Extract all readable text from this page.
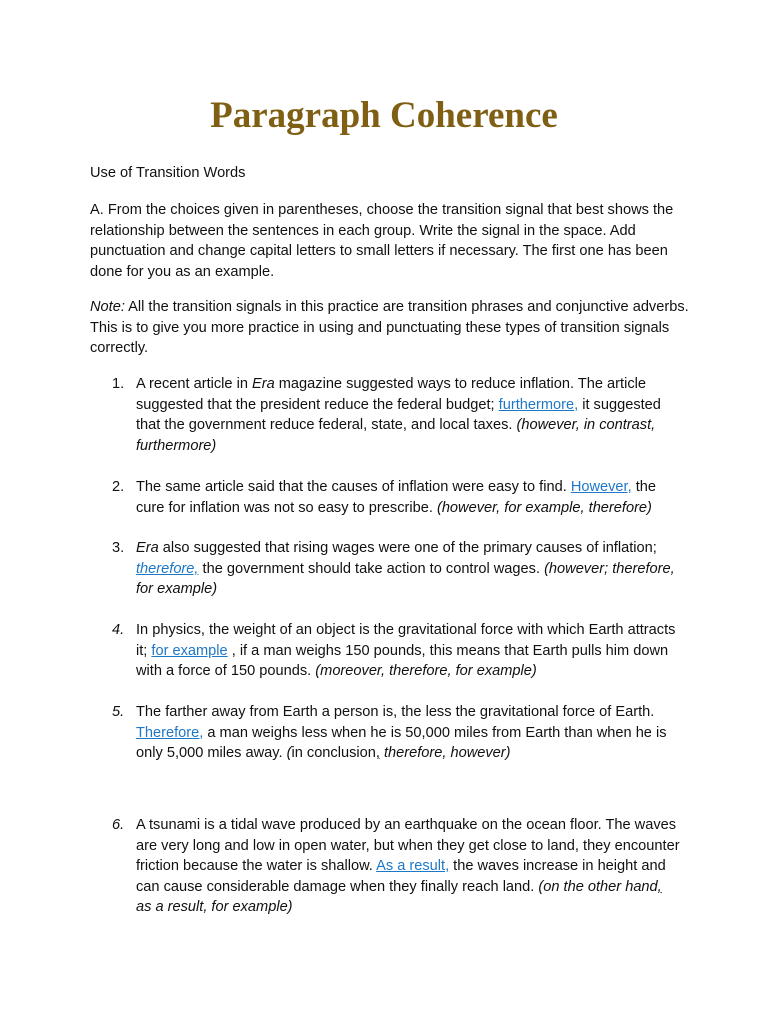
Paragraph Coherence

Use of Transition Words

A. From the choices given in parentheses, choose the transition signal that best shows the relationship between the sentences in each group. Write the signal in the space. Add punctuation and change capital letters to small letters if necessary. The first one has been done for you as an example.

Note: All the transition signals in this practice are transition phrases and conjunctive adverbs. This is to give you more practice in using and punctuating these types of transition signals correctly.

1. A recent article in Era magazine suggested ways to reduce inflation. The article suggested that the president reduce the federal budget; furthermore, it suggested that the government reduce federal, state, and local taxes. (however, in contrast,
furthermore)
2. The same article said that the causes of inflation were easy to find. However, the cure for inflation was not so easy to prescribe. (however, for example, therefore)
3. Era also suggested that rising wages were one of the primary causes of inflation; therefore, the government should take action to control wages. (however; therefore, for example)
4. In physics, the weight of an object is the gravitational force with which Earth attracts it; for example , if a man weighs 150 pounds, this means that Earth pulls him down with a force of 150 pounds. (moreover, therefore, for example)
5. The farther away from Earth a person is, the less the gravitational force of Earth.
Therefore, a man weighs less when he is 50,000 miles from Earth than when he is only 5,000 miles away. (in conclusion, therefore, however)
6. A tsunami is a tidal wave produced by an earthquake on the ocean floor. The waves are very long and low in open water, but when they get close to land, they encounter friction because the water is shallow. As a result, the waves increase in height and can cause considerable damage when they finally reach land. (on the other hand, as a result, for example)
